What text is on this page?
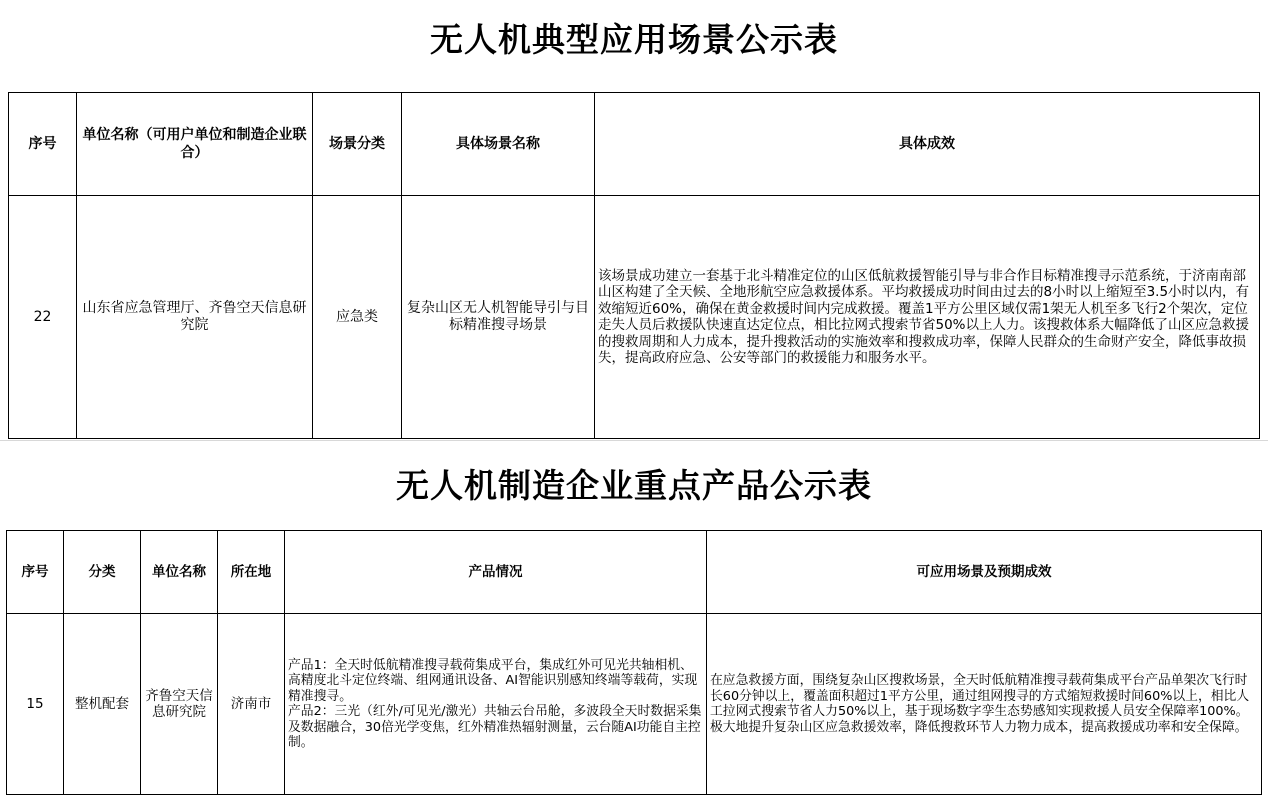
无人机典型应用场景公示表
序号	单位名称（可用户单位和制造企业联合）	场景分类	具体场景名称	具体成效
22	山东省应急管理厅、齐鲁空天信息研究院	应急类	复杂山区无人机智能导引与目标精准搜寻场景	该场景成功建立一套基于北斗精准定位的山区低航救援智能引导与非合作目标精准搜寻示范系统，于济南南部山区构建了全天候、全地形航空应急救援体系。平均救援成功时间由过去的8小时以上缩短至3.5小时以内，有效缩短近60%，确保在黄金救援时间内完成救援。覆盖1平方公里区域仅需1架无人机至多飞行2个架次，定位走失人员后救援队快速直达定位点，相比拉网式搜索节省50%以上人力。该搜救体系大幅降低了山区应急救援的搜救周期和人力成本，提升搜救活动的实施效率和搜救成功率，保障人民群众的生命财产安全，降低事故损失，提高政府应急、公安等部门的救援能力和服务水平。
无人机制造企业重点产品公示表
序号	分类	单位名称	所在地	产品情况	可应用场景及预期成效
15	整机配套	齐鲁空天信息研究院	济南市	产品1：全天时低航精准搜寻载荷集成平台，集成红外可见光共轴相机、高精度北斗定位终端、组网通讯设备、AI智能识别感知终端等载荷，实现精准搜寻。
产品2：三光（红外/可见光/激光）共轴云台吊舱，多波段全天时数据采集及数据融合，30倍光学变焦，红外精准热辐射测量，云台随AI功能自主控制。	在应急救援方面，围绕复杂山区搜救场景，全天时低航精准搜寻载荷集成平台产品单架次飞行时长60分钟以上，覆盖面积超过1平方公里，通过组网搜寻的方式缩短救援时间60%以上，相比人工拉网式搜索节省人力50%以上，基于现场数字孪生态势感知实现救援人员安全保障率100%。极大地提升复杂山区应急救援效率，降低搜救环节人力物力成本，提高救援成功率和安全保障。
